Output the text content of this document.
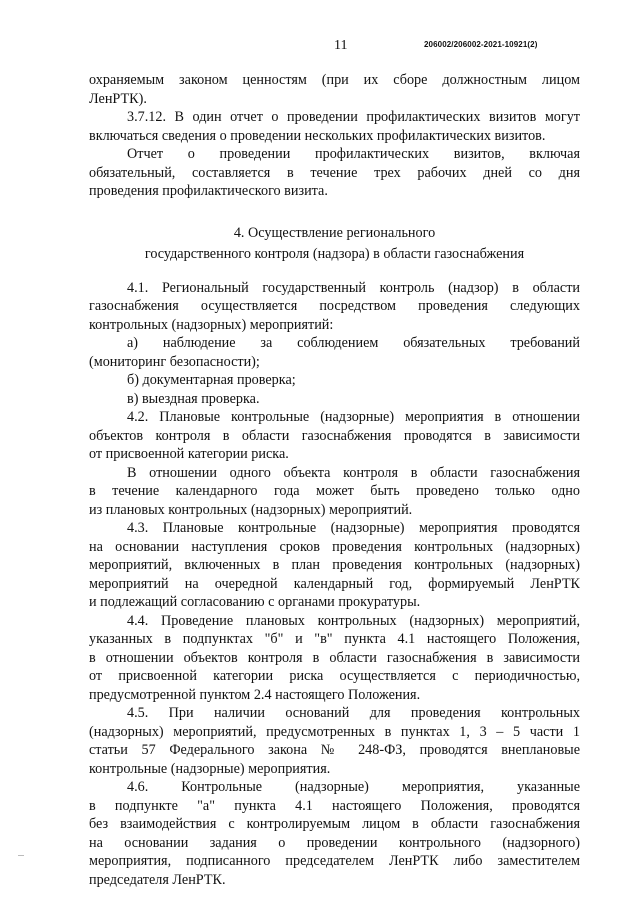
11	206002/206002-2021-10921(2)

охраняемым законом ценностям (при их сборе должностным лицом

ЛенРТК).

3.7.12. В один отчет о проведении профилактических визитов могут

включаться сведения о проведении нескольких профилактических визитов.

Отчет о проведении профилактических визитов, включая

обязательный, составляется в течение трех рабочих дней со дня

проведения профилактического визита.

4. Осуществление регионального

государственного контроля (надзора) в области газоснабжения

4.1. Региональный государственный контроль (надзор) в области

газоснабжения осуществляется посредством проведения следующих

контрольных (надзорных) мероприятий:

а) наблюдение за соблюдением обязательных требований

(мониторинг безопасности);

б) документарная проверка;

в) выездная проверка.

4.2. Плановые контрольные (надзорные) мероприятия в отношении

объектов контроля в области газоснабжения проводятся в зависимости

от присвоенной категории риска.

В отношении одного объекта контроля в области газоснабжения

в течение календарного года может быть проведено только одно

из плановых контрольных (надзорных) мероприятий.

4.3. Плановые контрольные (надзорные) мероприятия проводятся

на основании наступления сроков проведения контрольных (надзорных)

мероприятий, включенных в план проведения контрольных (надзорных)

мероприятий на очередной календарный год, формируемый ЛенРТК

и подлежащий согласованию с органами прокуратуры.

4.4. Проведение плановых контрольных (надзорных) мероприятий,

указанных в подпунктах "б" и "в" пункта 4.1 настоящего Положения,

в отношении объектов контроля в области газоснабжения в зависимости

от присвоенной категории риска осуществляется с периодичностью,

предусмотренной пунктом 2.4 настоящего Положения.

4.5. При наличии оснований для проведения контрольных

(надзорных) мероприятий, предусмотренных в пунктах 1, 3 – 5 части 1

статьи 57 Федерального закона № 248-ФЗ, проводятся внеплановые

контрольные (надзорные) мероприятия.

4.6. Контрольные (надзорные) мероприятия, указанные

в подпункте "а" пункта 4.1 настоящего Положения, проводятся

без взаимодействия с контролируемым лицом в области газоснабжения

на основании задания о проведении контрольного (надзорного)

мероприятия, подписанного председателем ЛенРТК либо заместителем

председателя ЛенРТК.
